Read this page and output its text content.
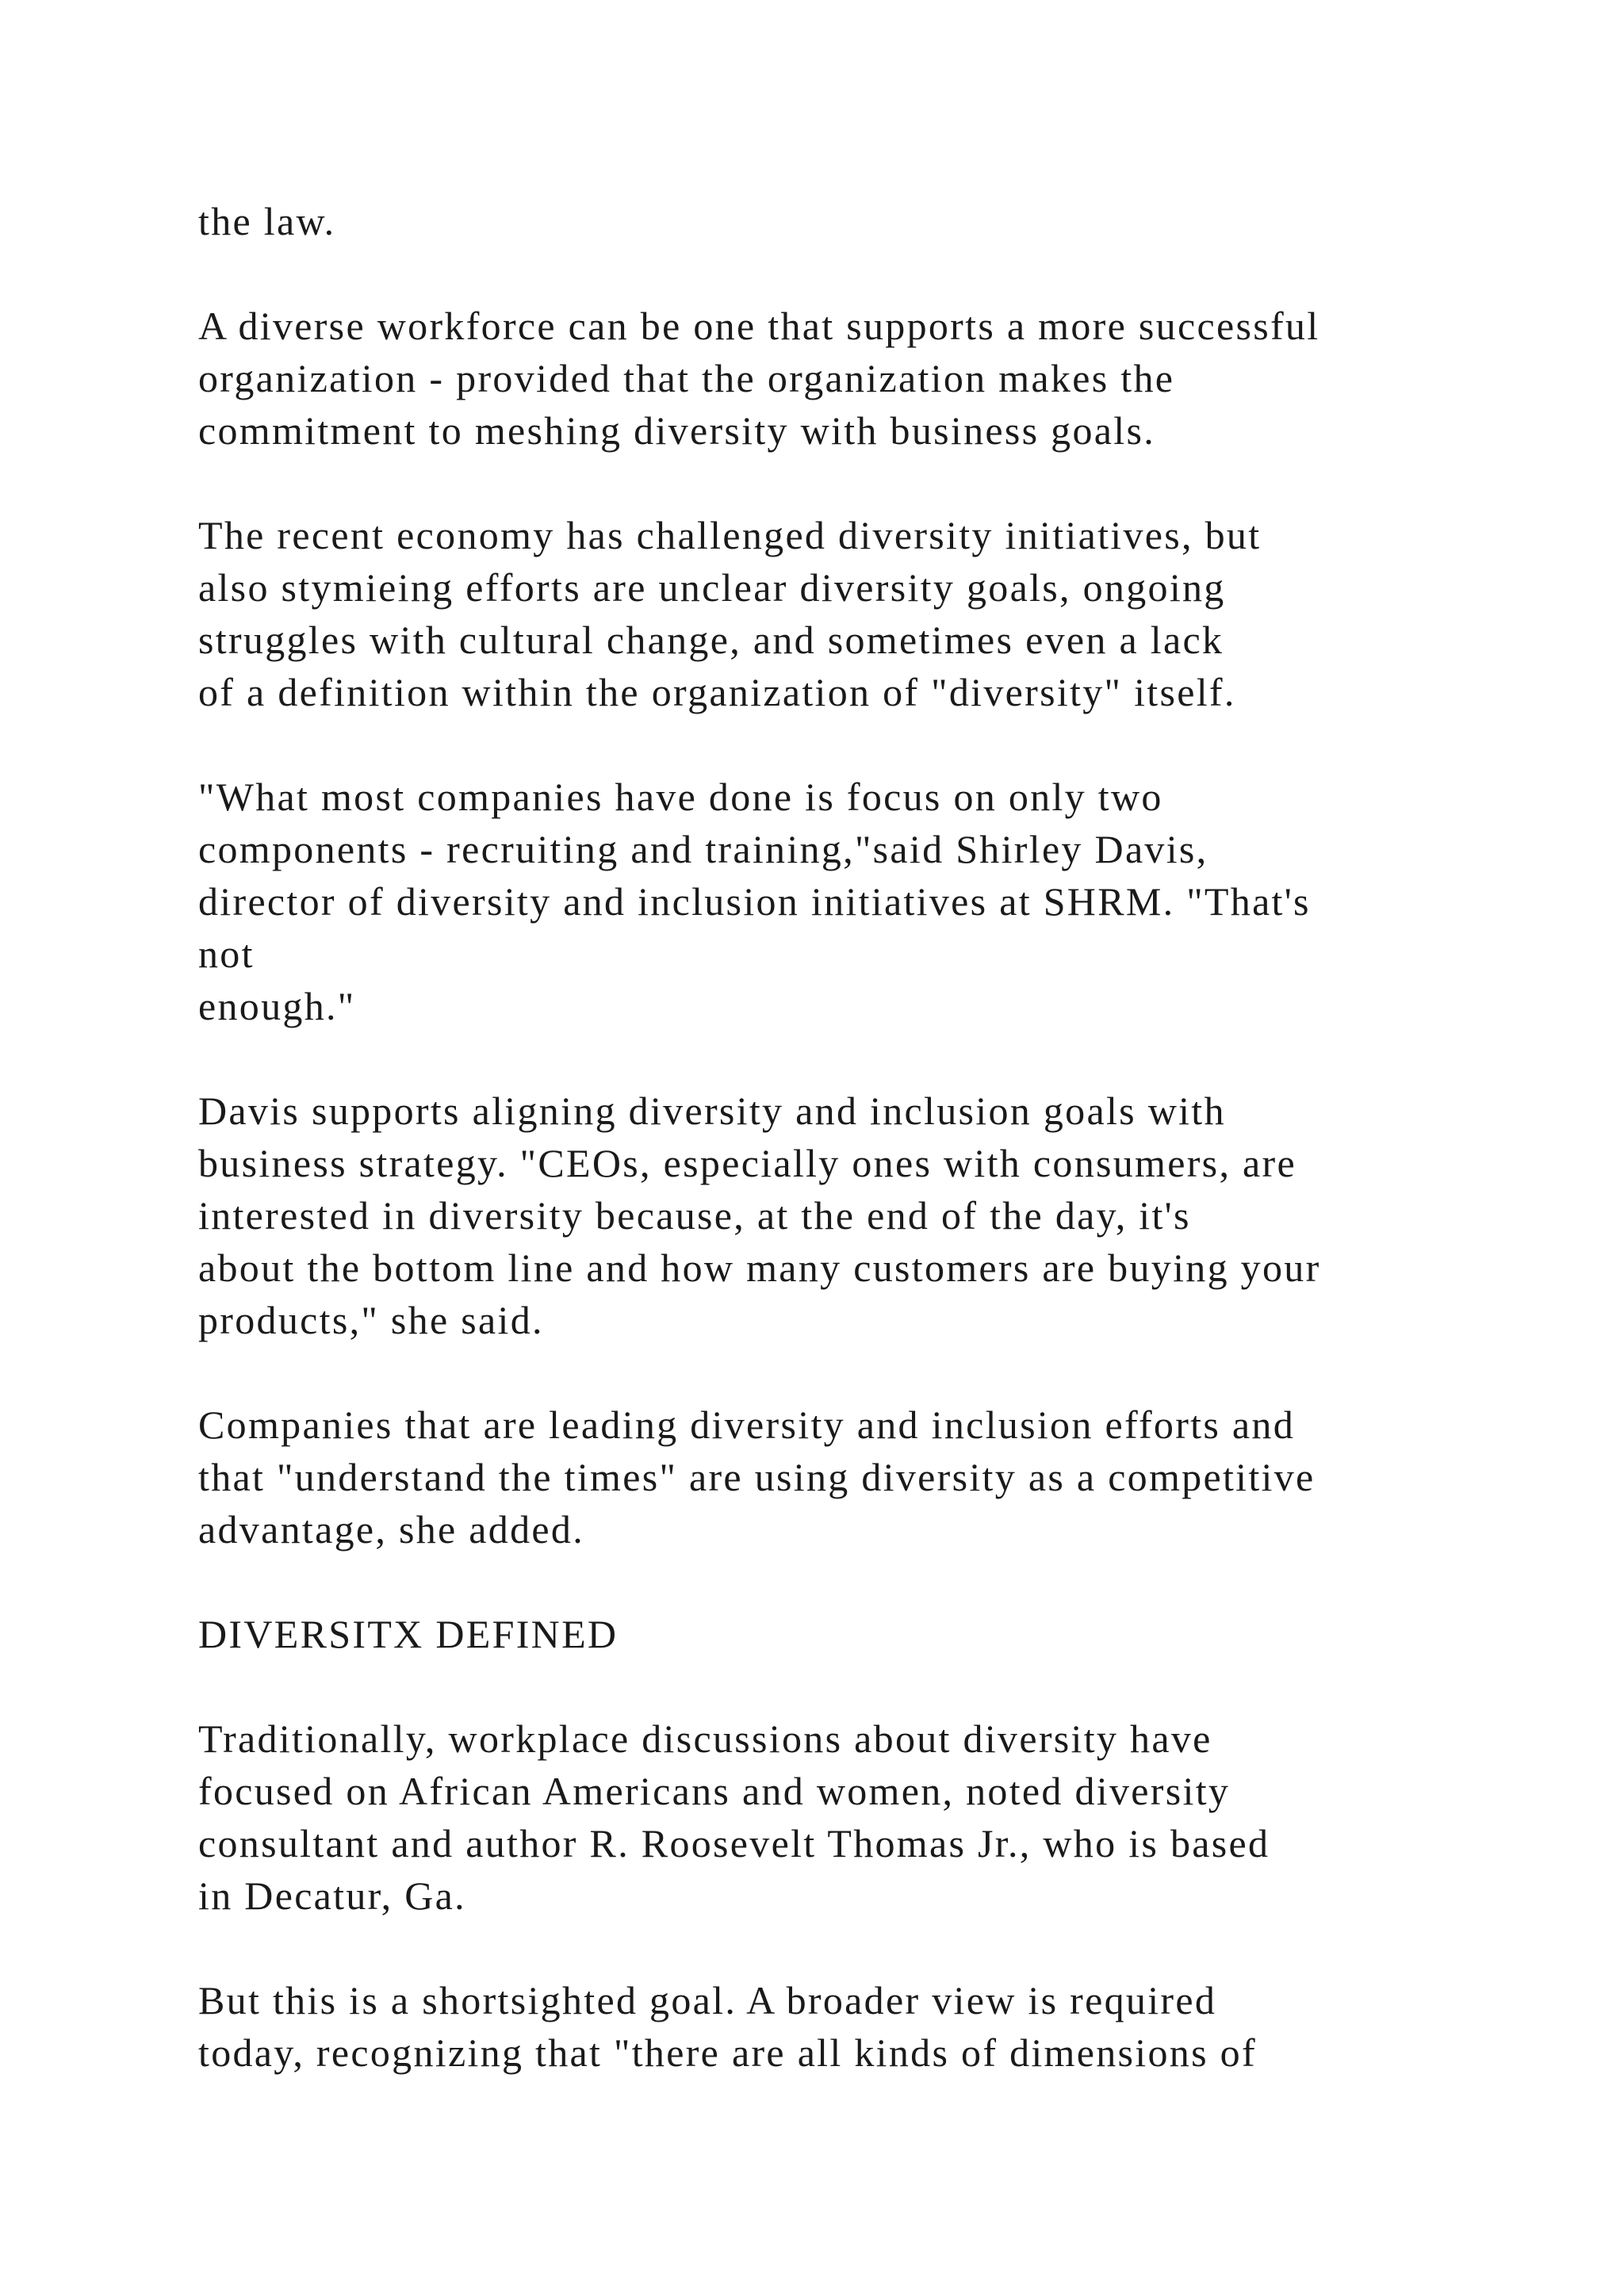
the law.
A diverse workforce can be one that supports a more successful
organization - provided that the organization makes the
commitment to meshing diversity with business goals.
The recent economy has challenged diversity initiatives, but
also stymieing efforts are unclear diversity goals, ongoing
struggles with cultural change, and sometimes even a lack
of a definition within the organization of "diversity" itself.
"What most companies have done is focus on only two
components - recruiting and training,"said Shirley Davis,
director of diversity and inclusion initiatives at SHRM. "That's
not
enough."
Davis supports aligning diversity and inclusion goals with
business strategy. "CEOs, especially ones with consumers, are
interested in diversity because, at the end of the day, it's
about the bottom line and how many customers are buying your
products," she said.
Companies that are leading diversity and inclusion efforts and
that "understand the times" are using diversity as a competitive
advantage, she added.
DIVERSITX DEFINED
Traditionally, workplace discussions about diversity have
focused on African Americans and women, noted diversity
consultant and author R. Roosevelt Thomas Jr., who is based
in Decatur, Ga.
But this is a shortsighted goal. A broader view is required
today, recognizing that "there are all kinds of dimensions of
